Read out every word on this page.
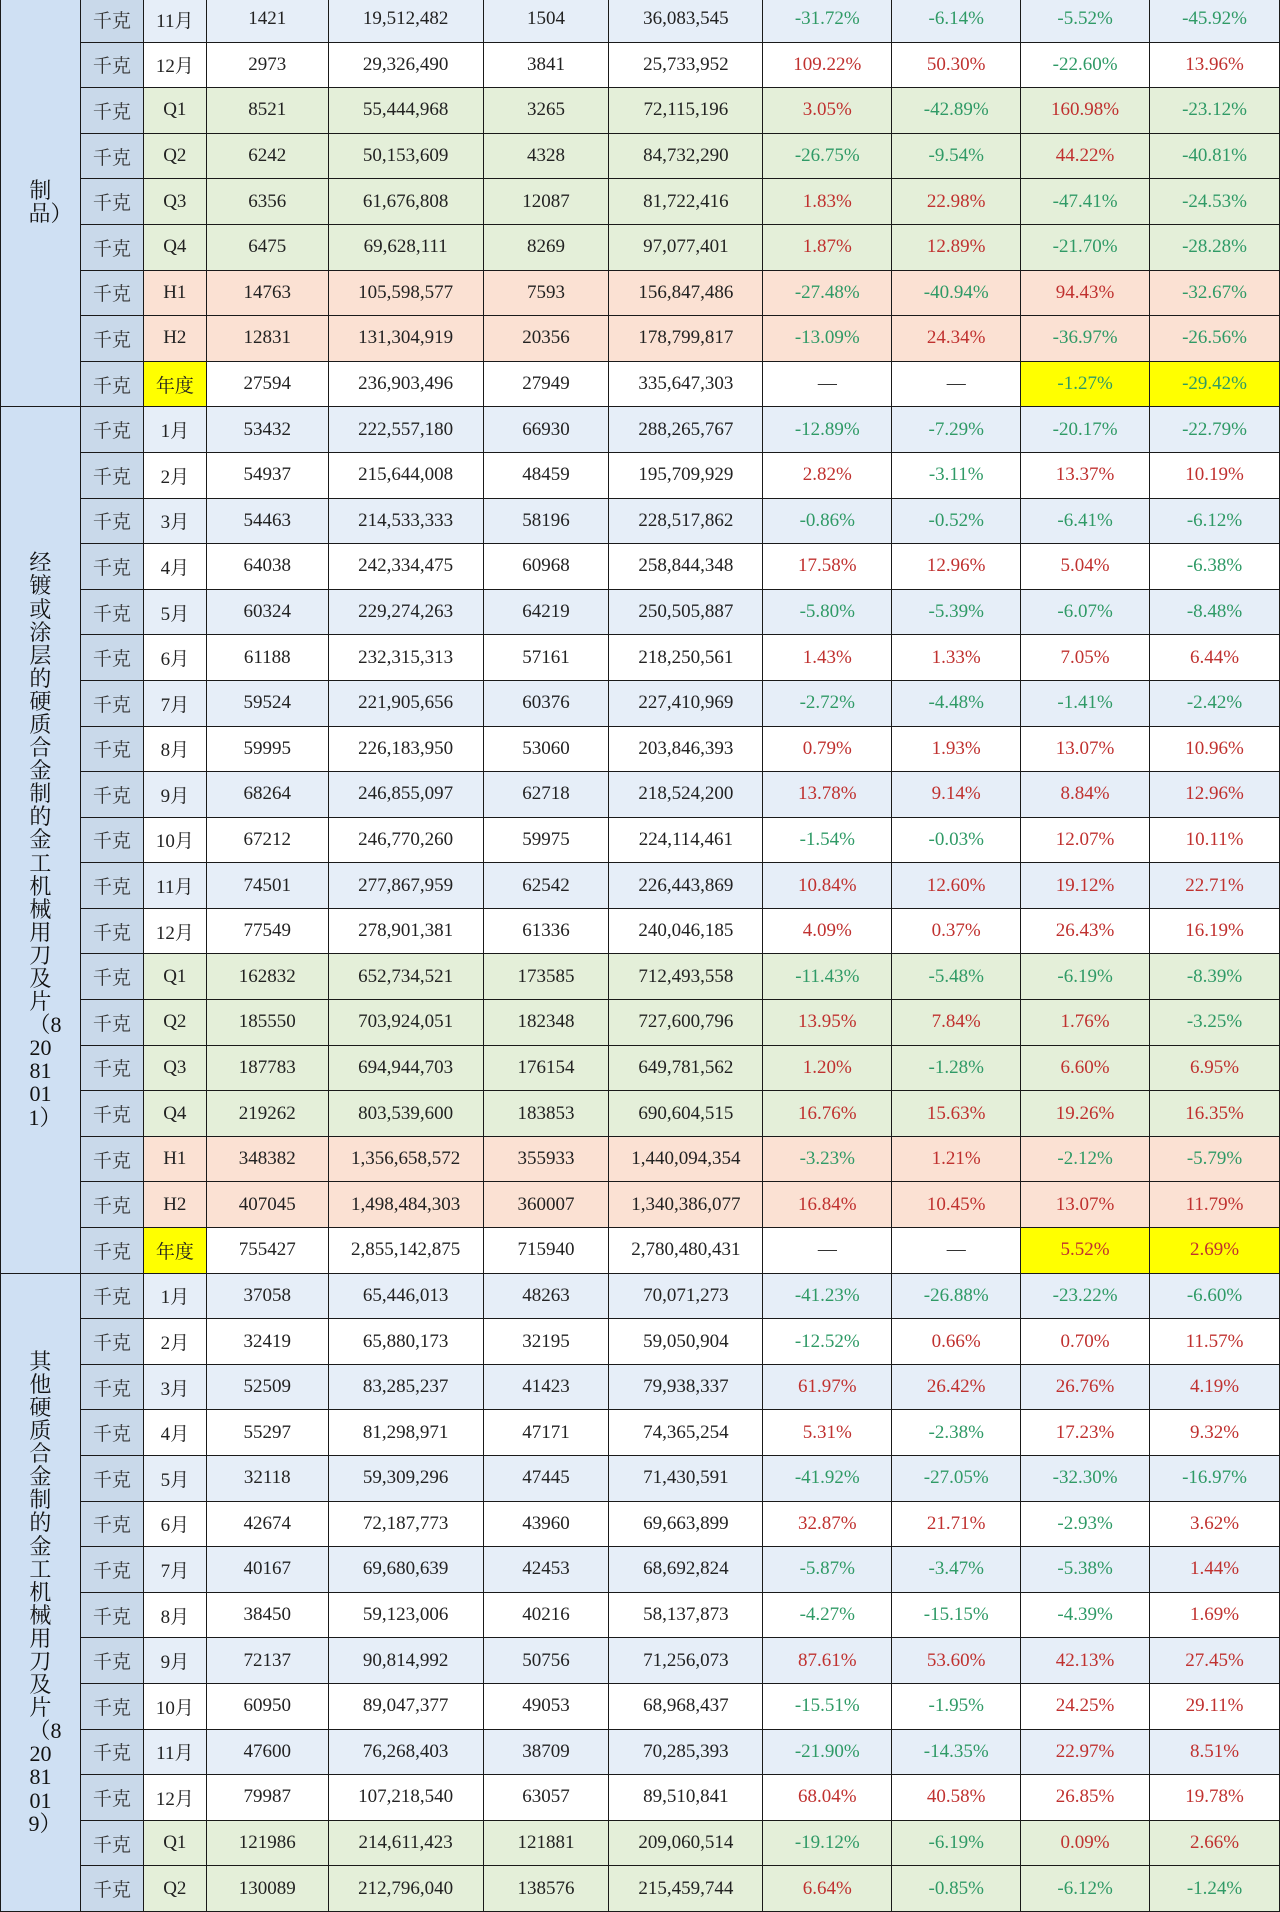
制品）	千克	11月	1421	19,512,482	1504	36,083,545	-31.72%	-6.14%	-5.52%	-45.92%
	千克	12月	2973	29,326,490	3841	25,733,952	109.22%	50.30%	-22.60%	13.96%
	千克	Q1	8521	55,444,968	3265	72,115,196	3.05%	-42.89%	160.98%	-23.12%
	千克	Q2	6242	50,153,609	4328	84,732,290	-26.75%	-9.54%	44.22%	-40.81%
	千克	Q3	6356	61,676,808	12087	81,722,416	1.83%	22.98%	-47.41%	-24.53%
	千克	Q4	6475	69,628,111	8269	97,077,401	1.87%	12.89%	-21.70%	-28.28%
	千克	H1	14763	105,598,577	7593	156,847,486	-27.48%	-40.94%	94.43%	-32.67%
	千克	H2	12831	131,304,919	20356	178,799,817	-13.09%	24.34%	-36.97%	-26.56%
	千克	年度	27594	236,903,496	27949	335,647,303	—	—	-1.27%	-29.42%
经镀或涂层的硬质合金制的金工机械用刀及片（82081011）	千克	1月	53432	222,557,180	66930	288,265,767	-12.89%	-7.29%	-20.17%	-22.79%
	千克	2月	54937	215,644,008	48459	195,709,929	2.82%	-3.11%	13.37%	10.19%
	千克	3月	54463	214,533,333	58196	228,517,862	-0.86%	-0.52%	-6.41%	-6.12%
	千克	4月	64038	242,334,475	60968	258,844,348	17.58%	12.96%	5.04%	-6.38%
	千克	5月	60324	229,274,263	64219	250,505,887	-5.80%	-5.39%	-6.07%	-8.48%
	千克	6月	61188	232,315,313	57161	218,250,561	1.43%	1.33%	7.05%	6.44%
	千克	7月	59524	221,905,656	60376	227,410,969	-2.72%	-4.48%	-1.41%	-2.42%
	千克	8月	59995	226,183,950	53060	203,846,393	0.79%	1.93%	13.07%	10.96%
	千克	9月	68264	246,855,097	62718	218,524,200	13.78%	9.14%	8.84%	12.96%
	千克	10月	67212	246,770,260	59975	224,114,461	-1.54%	-0.03%	12.07%	10.11%
	千克	11月	74501	277,867,959	62542	226,443,869	10.84%	12.60%	19.12%	22.71%
	千克	12月	77549	278,901,381	61336	240,046,185	4.09%	0.37%	26.43%	16.19%
	千克	Q1	162832	652,734,521	173585	712,493,558	-11.43%	-5.48%	-6.19%	-8.39%
	千克	Q2	185550	703,924,051	182348	727,600,796	13.95%	7.84%	1.76%	-3.25%
	千克	Q3	187783	694,944,703	176154	649,781,562	1.20%	-1.28%	6.60%	6.95%
	千克	Q4	219262	803,539,600	183853	690,604,515	16.76%	15.63%	19.26%	16.35%
	千克	H1	348382	1,356,658,572	355933	1,440,094,354	-3.23%	1.21%	-2.12%	-5.79%
	千克	H2	407045	1,498,484,303	360007	1,340,386,077	16.84%	10.45%	13.07%	11.79%
	千克	年度	755427	2,855,142,875	715940	2,780,480,431	—	—	5.52%	2.69%
其他硬质合金制的金工机械用刀及片（82081019）	千克	1月	37058	65,446,013	48263	70,071,273	-41.23%	-26.88%	-23.22%	-6.60%
	千克	2月	32419	65,880,173	32195	59,050,904	-12.52%	0.66%	0.70%	11.57%
	千克	3月	52509	83,285,237	41423	79,938,337	61.97%	26.42%	26.76%	4.19%
	千克	4月	55297	81,298,971	47171	74,365,254	5.31%	-2.38%	17.23%	9.32%
	千克	5月	32118	59,309,296	47445	71,430,591	-41.92%	-27.05%	-32.30%	-16.97%
	千克	6月	42674	72,187,773	43960	69,663,899	32.87%	21.71%	-2.93%	3.62%
	千克	7月	40167	69,680,639	42453	68,692,824	-5.87%	-3.47%	-5.38%	1.44%
	千克	8月	38450	59,123,006	40216	58,137,873	-4.27%	-15.15%	-4.39%	1.69%
	千克	9月	72137	90,814,992	50756	71,256,073	87.61%	53.60%	42.13%	27.45%
	千克	10月	60950	89,047,377	49053	68,968,437	-15.51%	-1.95%	24.25%	29.11%
	千克	11月	47600	76,268,403	38709	70,285,393	-21.90%	-14.35%	22.97%	8.51%
	千克	12月	79987	107,218,540	63057	89,510,841	68.04%	40.58%	26.85%	19.78%
	千克	Q1	121986	214,611,423	121881	209,060,514	-19.12%	-6.19%	0.09%	2.66%
	千克	Q2	130089	212,796,040	138576	215,459,744	6.64%	-0.85%	-6.12%	-1.24%
